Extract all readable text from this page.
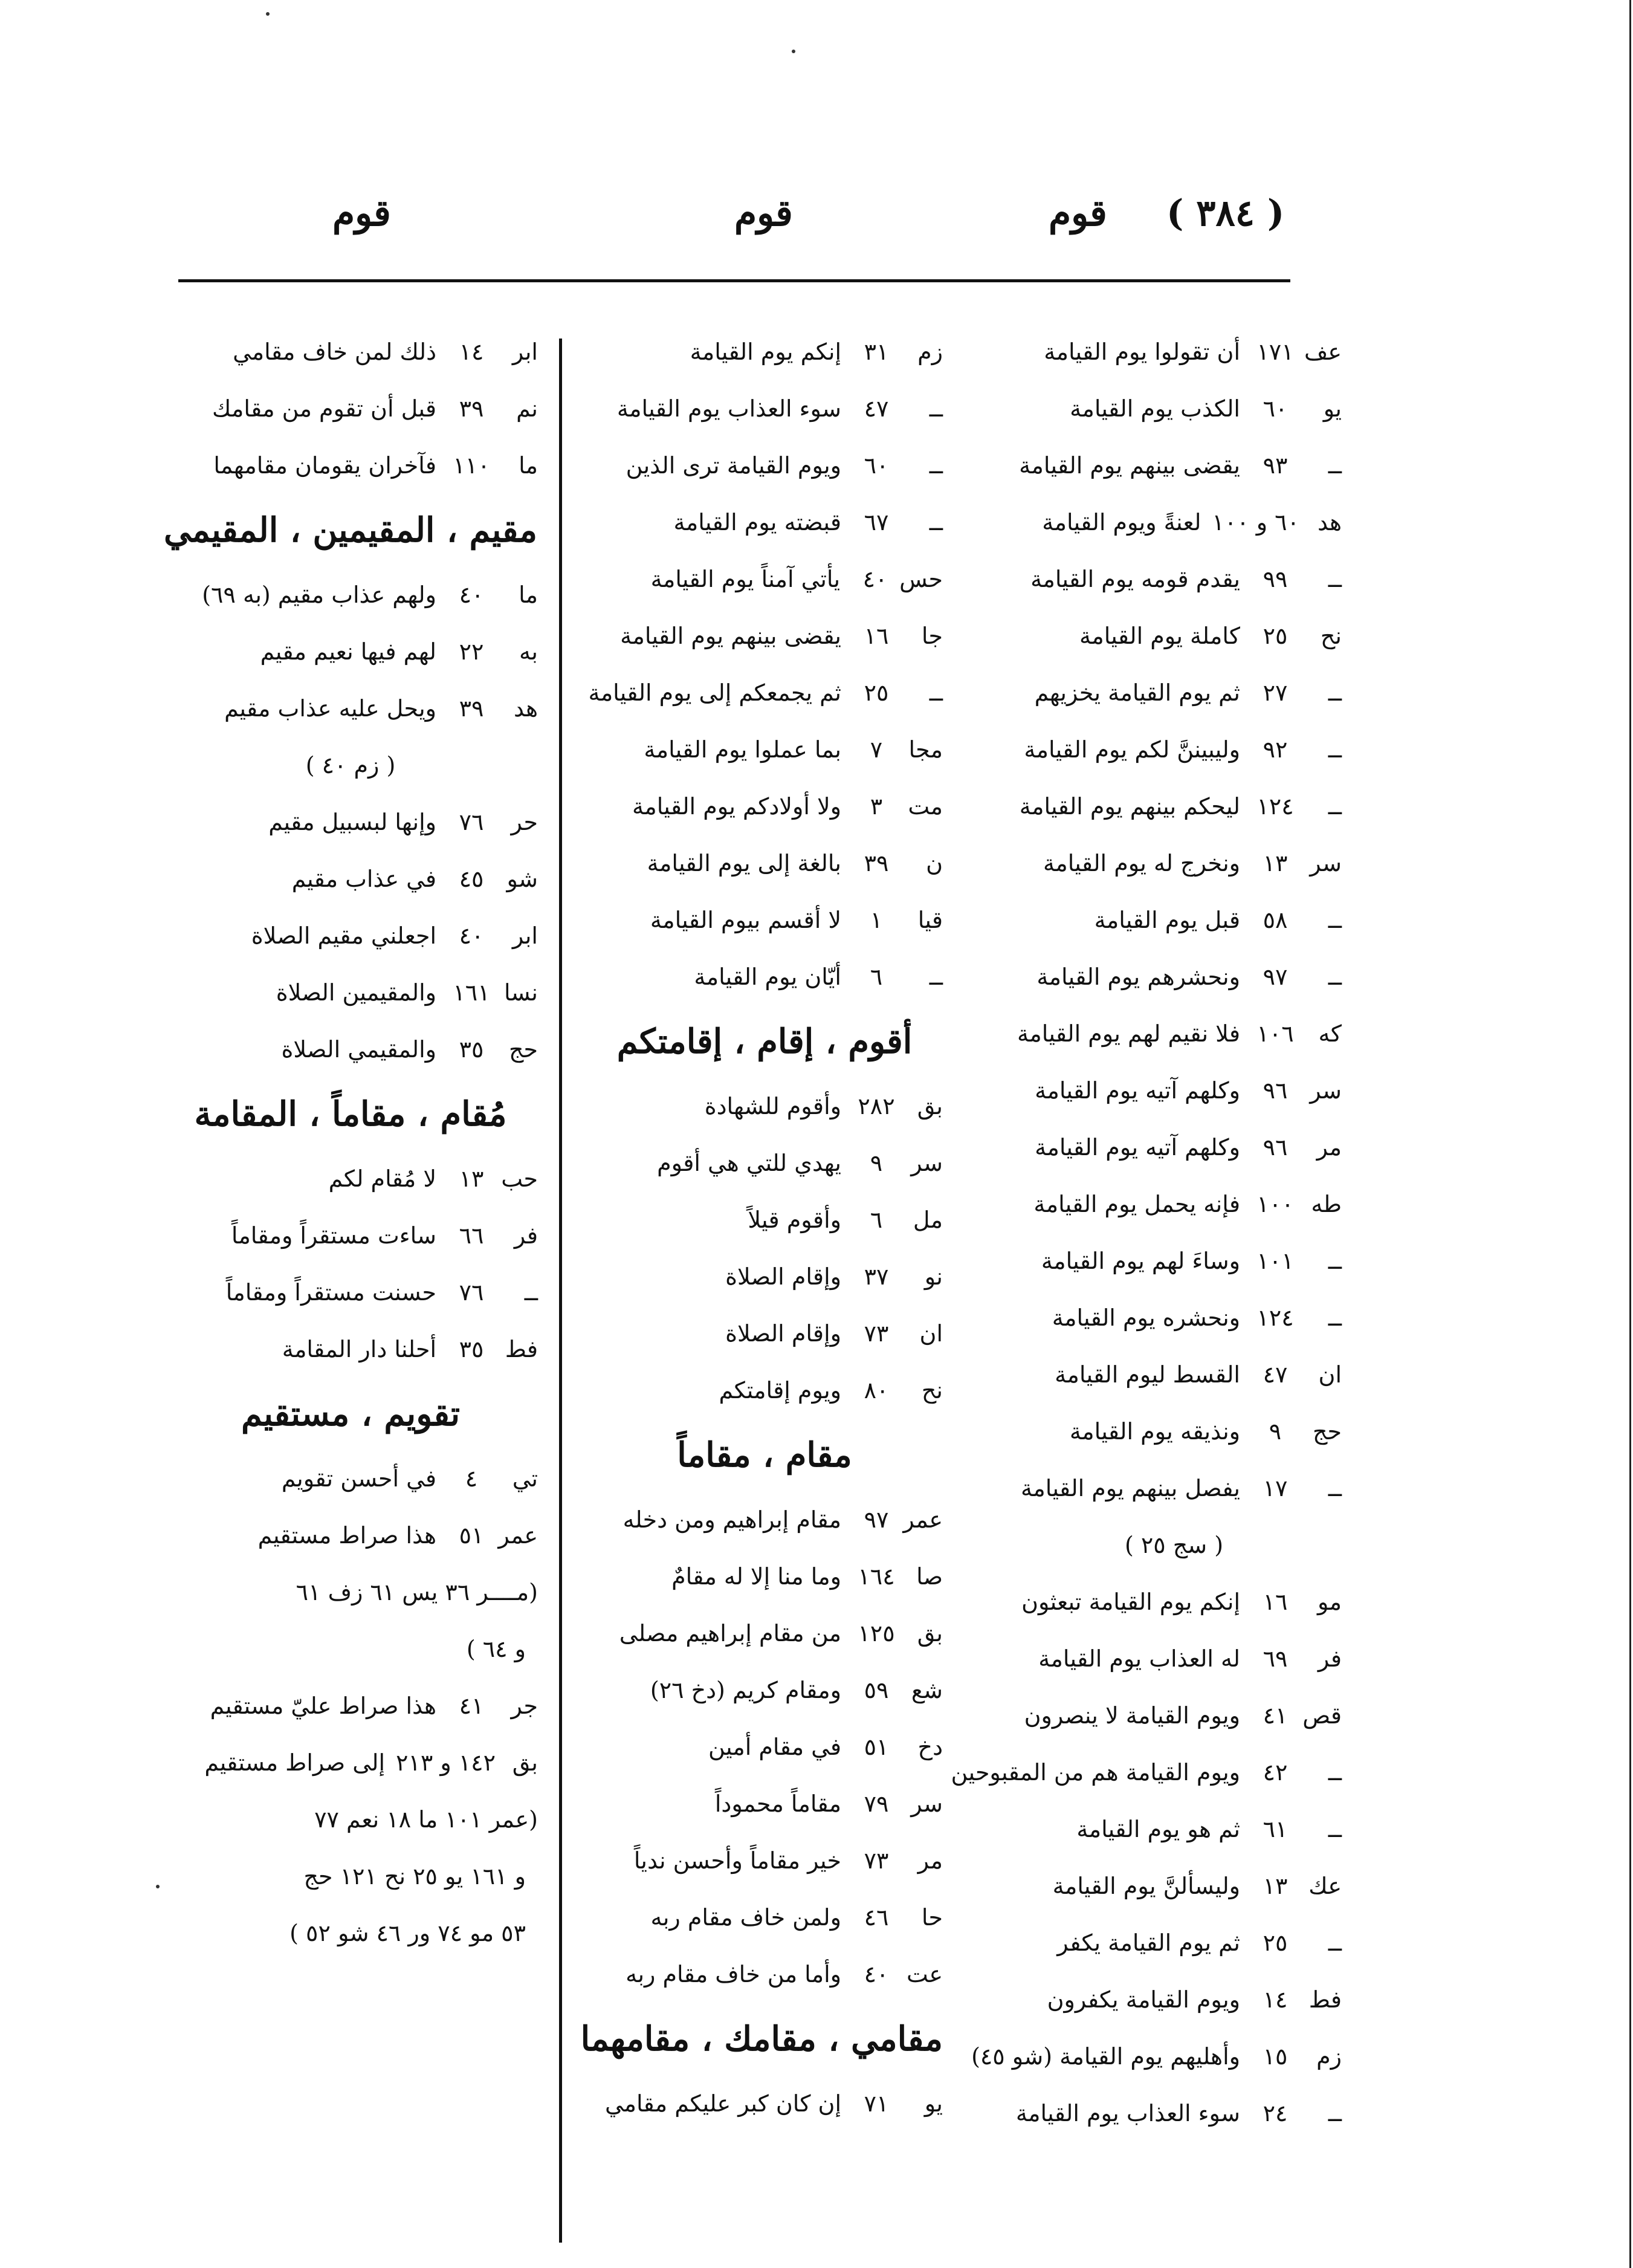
( ٣٨٤ )
قوم
قوم
قوم
عف١٧١أن تقولوا يوم القيامة
يو٦٠الكذب يوم القيامة
ــ٩٣يقضى بينهم يوم القيامة
هد٦٠ و ١٠٠لعنةً ويوم القيامة
ــ٩٩يقدم قومه يوم القيامة
نح٢٥كاملة يوم القيامة
ــ٢٧ثم يوم القيامة يخزيهم
ــ٩٢وليبيننَّ لكم يوم القيامة
ــ١٢٤ليحكم بينهم يوم القيامة
سر١٣ونخرج له يوم القيامة
ــ٥٨قبل يوم القيامة
ــ٩٧ونحشرهم يوم القيامة
كه١٠٦فلا نقيم لهم يوم القيامة
سر٩٦وكلهم آتيه يوم القيامة
مر٩٦وكلهم آتيه يوم القيامة
طه١٠٠فإنه يحمل يوم القيامة
ــ١٠١وساءَ لهم يوم القيامة
ــ١٢٤ونحشره يوم القيامة
ان٤٧القسط ليوم القيامة
حج٩ونذيقه يوم القيامة
ــ١٧يفصل بينهم يوم القيامة
( سج ٢٥ )
مو١٦إنكم يوم القيامة تبعثون
فر٦٩له العذاب يوم القيامة
قص٤١ويوم القيامة لا ينصرون
ــ٤٢ويوم القيامة هم من المقبوحين
ــ٦١ثم هو يوم القيامة
عك١٣وليسألنَّ يوم القيامة
ــ٢٥ثم يوم القيامة يكفر
فط١٤ويوم القيامة يكفرون
زم١٥وأهليهم يوم القيامة (شو ٤٥)
ــ٢٤سوء العذاب يوم القيامة
زم٣١إنكم يوم القيامة
ــ٤٧سوء العذاب يوم القيامة
ــ٦٠ويوم القيامة ترى الذين
ــ٦٧قبضته يوم القيامة
حس٤٠يأتي آمناً يوم القيامة
جا١٦يقضى بينهم يوم القيامة
ــ٢٥ثم يجمعكم إلى يوم القيامة
مجا٧بما عملوا يوم القيامة
مت٣ولا أولادكم يوم القيامة
ن٣٩بالغة إلى يوم القيامة
قيا١لا أقسم بيوم القيامة
ــ٦أيّان يوم القيامة
أقوم ، إقام ، إقامتكم
بق٢٨٢وأقوم للشهادة
سر٩يهدي للتي هي أقوم
مل٦وأقوم قيلاً
نو٣٧وإقام الصلاة
ان٧٣وإقام الصلاة
نح٨٠ويوم إقامتكم
مقام ، مقاماً
عمر٩٧مقام إبراهيم ومن دخله
صا١٦٤وما منا إلا له مقامٌ
بق١٢٥من مقام إبراهيم مصلى
شع٥٩ومقام كريم (دخ ٢٦)
دخ٥١في مقام أمين
سر٧٩مقاماً محموداً
مر٧٣خير مقاماً وأحسن ندياً
حا٤٦ولمن خاف مقام ربه
عت٤٠وأما من خاف مقام ربه
مقامي ، مقامك ، مقامهما
يو٧١إن كان كبر عليكم مقامي
ابر١٤ذلك لمن خاف مقامي
نم٣٩قبل أن تقوم من مقامك
ما١١٠فآخران يقومان مقامهما
مقيم ، المقيمين ، المقيمي
ما٤٠ولهم عذاب مقيم (به ٦٩)
به٢٢لهم فيها نعيم مقيم
هد٣٩ويحل عليه عذاب مقيم
( زم ٤٠ )
حر٧٦وإنها لبسبيل مقيم
شو٤٥في عذاب مقيم
ابر٤٠اجعلني مقيم الصلاة
نسا١٦١والمقيمين الصلاة
حج٣٥والمقيمي الصلاة
مُقام ، مقاماً ، المقامة
حب١٣لا مُقام لكم
فر٦٦ساءت مستقراً ومقاماً
ــ٧٦حسنت مستقراً ومقاماً
فط٣٥أحلنا دار المقامة
تقويم ، مستقيم
تي٤في أحسن تقويم
عمر٥١هذا صراط مستقيم
(مــــر ٣٦ يس ٦١ زف ٦١
و ٦٤ )
جر٤١هذا صراط عليّ مستقيم
بق١٤٢ و ٢١٣إلى صراط مستقيم
(عمر ١٠١ ما ١٨ نعم ٧٧
و ١٦١ يو ٢٥ نح ١٢١ حج
٥٣ مو ٧٤ ور ٤٦ شو ٥٢ )
